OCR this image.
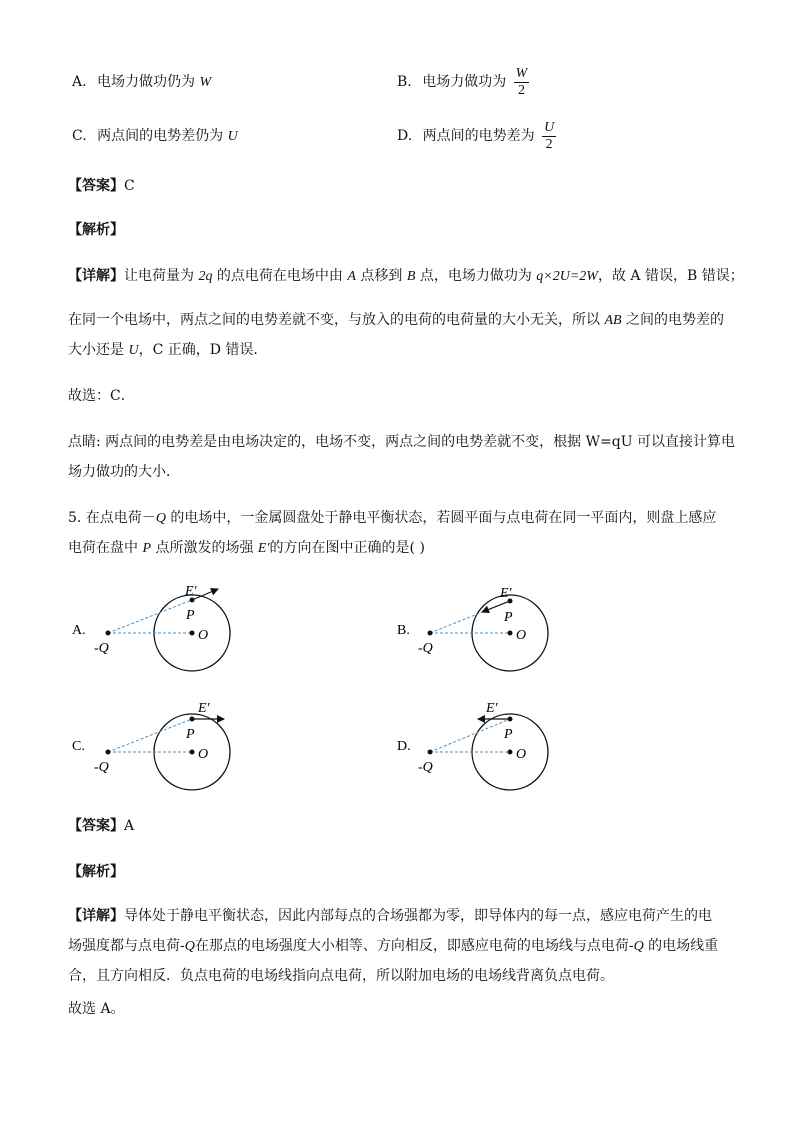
A. 电场力做功仍为 W	B. 电场力做功为 $\frac{W}{2}$
C. 两点间的电势差仍为 U	D. 两点间的电势差为 $\frac{U}{2}$
【答案】C
【解析】
【详解】让电荷量为 2q 的点电荷在电场中由 A 点移到 B 点，电场力做功为 q×2U=2W，故 A 错误，B 错误；
在同一个电场中，两点之间的电势差就不变，与放入的电荷的电荷量的大小无关，所以 AB 之间的电势差的
大小还是 U，C 正确，D 错误．
故选：C．
点睛: 两点间的电势差是由电场决定的，电场不变，两点之间的电势差就不变，根据 W=qU 可以直接计算电
场力做功的大小．
5. 在点电荷－Q 的电场中，一金属圆盘处于静电平衡状态，若圆平面与点电荷在同一平面内，则盘上感应
电荷在盘中 P 点所激发的场强 E′的方向在图中正确的是( )
A.
E′
P
O
-Q
B.
E′
P
O
-Q
C.
E′
P
O
-Q
D.
E′
P
O
-Q
【答案】A
【解析】
【详解】导体处于静电平衡状态，因此内部每点的合场强都为零，即导体内的每一点，感应电荷产生的电
场强度都与点电荷-Q在那点的电场强度大小相等、方向相反，即感应电荷的电场线与点电荷-Q 的电场线重
合，且方向相反．负点电荷的电场线指向点电荷，所以附加电场的电场线背离负点电荷。
故选 A。
